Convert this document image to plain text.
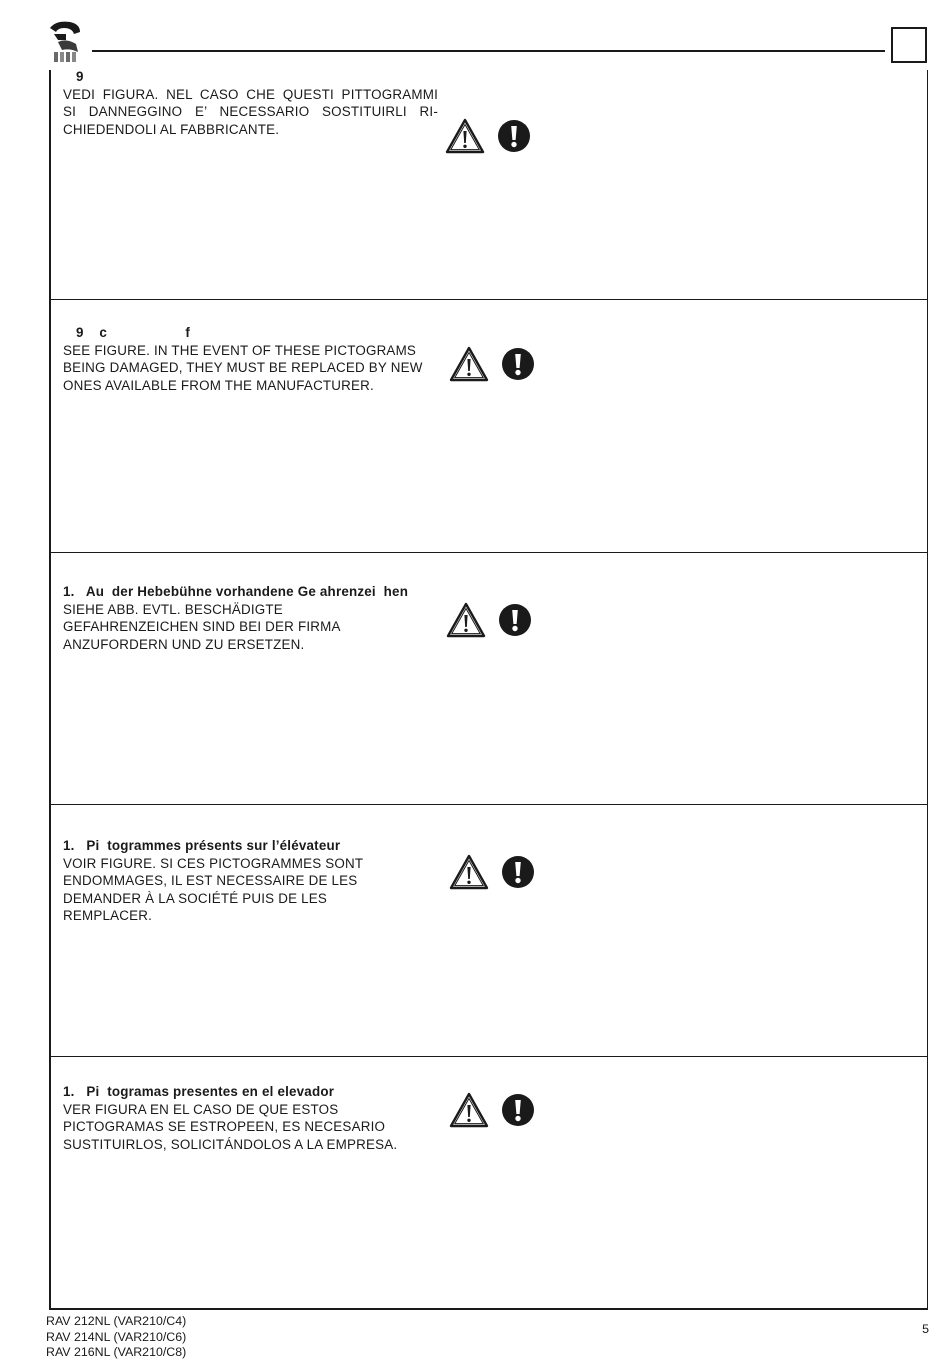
9
VEDI FIGURA. NEL CASO CHE QUESTI PITTOGRAMMI
SI DANNEGGINO E’ NECESSARIO SOSTITUIRLI RI-
CHIEDENDOLI AL FABBRICANTE.
9    c                    f
SEE FIGURE. IN THE EVENT OF THESE PICTOGRAMS
BEING DAMAGED, THEY MUST BE REPLACED BY NEW
ONES AVAILABLE FROM THE MANUFACTURER.
1.   Au  der Hebebühne vorhandene Ge ahrenzei  hen
SIEHE ABB. EVTL. BESCHÄDIGTE
GEFAHRENZEICHEN SIND BEI DER FIRMA
ANZUFORDERN UND ZU ERSETZEN.
1.   Pi  togrammes présents sur l’élévateur
VOIR FIGURE. SI CES PICTOGRAMMES SONT
ENDOMMAGES, IL EST NECESSAIRE DE LES
DEMANDER À LA SOCIÉTÉ PUIS DE LES
REMPLACER.
1.   Pi  togramas presentes en el elevador
VER FIGURA EN EL CASO DE QUE ESTOS
PICTOGRAMAS SE ESTROPEEN, ES NECESARIO
SUSTITUIRLOS, SOLICITÁNDOLOS A LA EMPRESA.
RAV 212NL (VAR210/C4)
RAV 214NL (VAR210/C6)
RAV 216NL (VAR210/C8)
5
